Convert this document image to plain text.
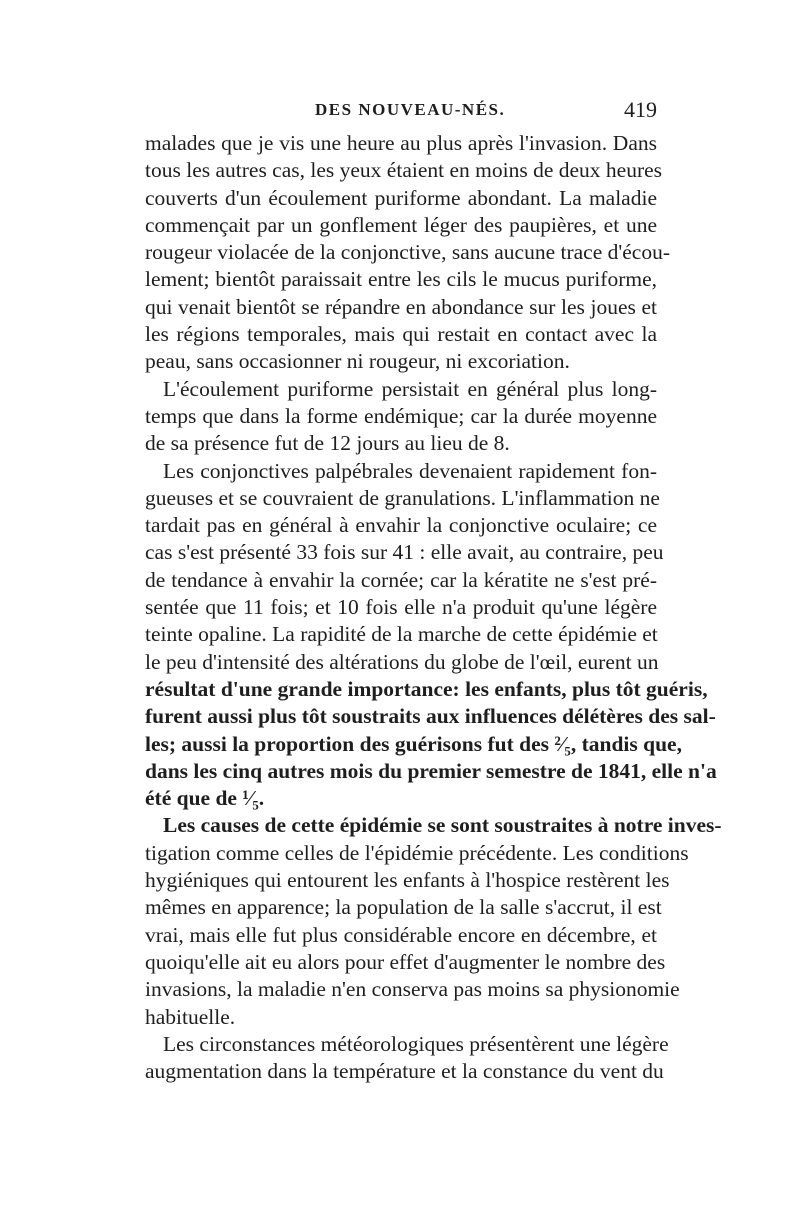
DES NOUVEAU-NÉS.	419
malades que je vis une heure au plus après l'invasion. Dans
tous les autres cas, les yeux étaient en moins de deux heures
couverts d'un écoulement puriforme abondant. La maladie
commençait par un gonflement léger des paupières, et une
rougeur violacée de la conjonctive, sans aucune trace d'écou-
lement; bientôt paraissait entre les cils le mucus puriforme,
qui venait bientôt se répandre en abondance sur les joues et
les régions temporales, mais qui restait en contact avec la
peau, sans occasionner ni rougeur, ni excoriation.
L'écoulement puriforme persistait en général plus long-
temps que dans la forme endémique; car la durée moyenne
de sa présence fut de 12 jours au lieu de 8.
Les conjonctives palpébrales devenaient rapidement fon-
gueuses et se couvraient de granulations. L'inflammation ne
tardait pas en général à envahir la conjonctive oculaire; ce
cas s'est présenté 33 fois sur 41 : elle avait, au contraire, peu
de tendance à envahir la cornée; car la kératite ne s'est pré-
sentée que 11 fois; et 10 fois elle n'a produit qu'une légère
teinte opaline. La rapidité de la marche de cette épidémie et
le peu d'intensité des altérations du globe de l'œil, eurent un
résultat d'une grande importance: les enfants, plus tôt guéris,
furent aussi plus tôt soustraits aux influences délétères des sal-
les; aussi la proportion des guérisons fut des ²⁄₅, tandis que,
dans les cinq autres mois du premier semestre de 1841, elle n'a
été que de ¹⁄₅.
Les causes de cette épidémie se sont soustraites à notre inves-
tigation comme celles de l'épidémie précédente. Les conditions
hygiéniques qui entourent les enfants à l'hospice restèrent les
mêmes en apparence; la population de la salle s'accrut, il est
vrai, mais elle fut plus considérable encore en décembre, et
quoiqu'elle ait eu alors pour effet d'augmenter le nombre des
invasions, la maladie n'en conserva pas moins sa physionomie
habituelle.
Les circonstances météorologiques présentèrent une légère
augmentation dans la température et la constance du vent du
